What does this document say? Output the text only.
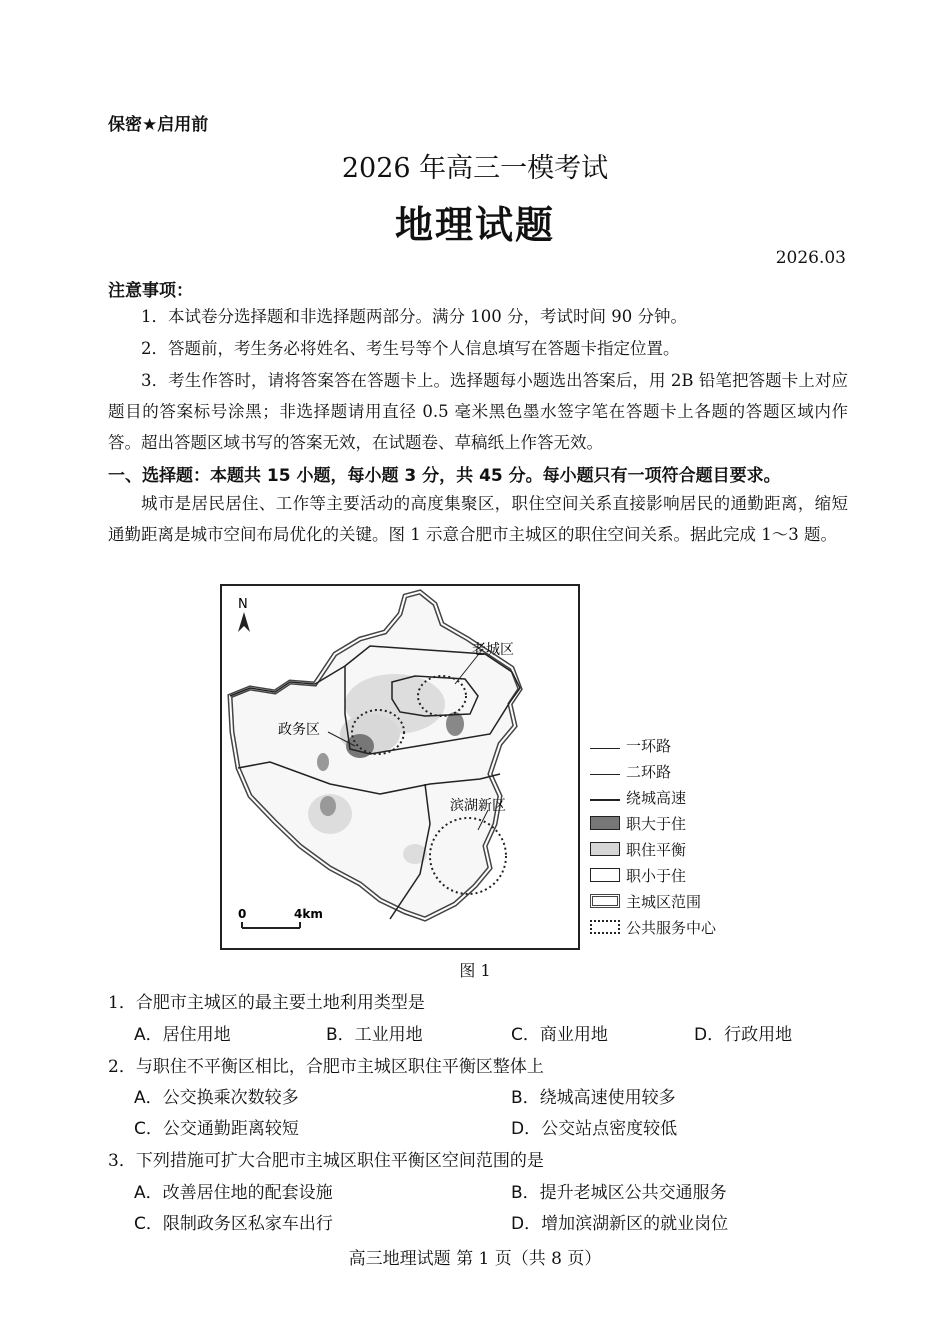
保密★启用前
2026 年高三一模考试
地理试题
2026.03
注意事项：
1．本试卷分选择题和非选择题两部分。满分 100 分，考试时间 90 分钟。
2．答题前，考生务必将姓名、考生号等个人信息填写在答题卡指定位置。
3．考生作答时，请将答案答在答题卡上。选择题每小题选出答案后，用 2B 铅笔把答题卡上对应题目的答案标号涂黑；非选择题请用直径 0.5 毫米黑色墨水签字笔在答题卡上各题的答题区域内作答。超出答题区域书写的答案无效，在试题卷、草稿纸上作答无效。
一、选择题：本题共 15 小题，每小题 3 分，共 45 分。每小题只有一项符合题目要求。
城市是居民居住、工作等主要活动的高度集聚区，职住空间关系直接影响居民的通勤距离，缩短通勤距离是城市空间布局优化的关键。图 1 示意合肥市主城区的职住空间关系。据此完成 1～3 题。
N
老城区
政务区
滨湖新区
0	4km
一环路
二环路
绕城高速
职大于住
职住平衡
职小于住
主城区范围
公共服务中心
图 1
1．合肥市主城区的最主要土地利用类型是
A．居住用地	B．工业用地	C．商业用地	D．行政用地
2．与职住不平衡区相比，合肥市主城区职住平衡区整体上
A．公交换乘次数较多	B．绕城高速使用较多
C．公交通勤距离较短	D．公交站点密度较低
3．下列措施可扩大合肥市主城区职住平衡区空间范围的是
A．改善居住地的配套设施	B．提升老城区公共交通服务
C．限制政务区私家车出行	D．增加滨湖新区的就业岗位
高三地理试题 第 1 页（共 8 页）
